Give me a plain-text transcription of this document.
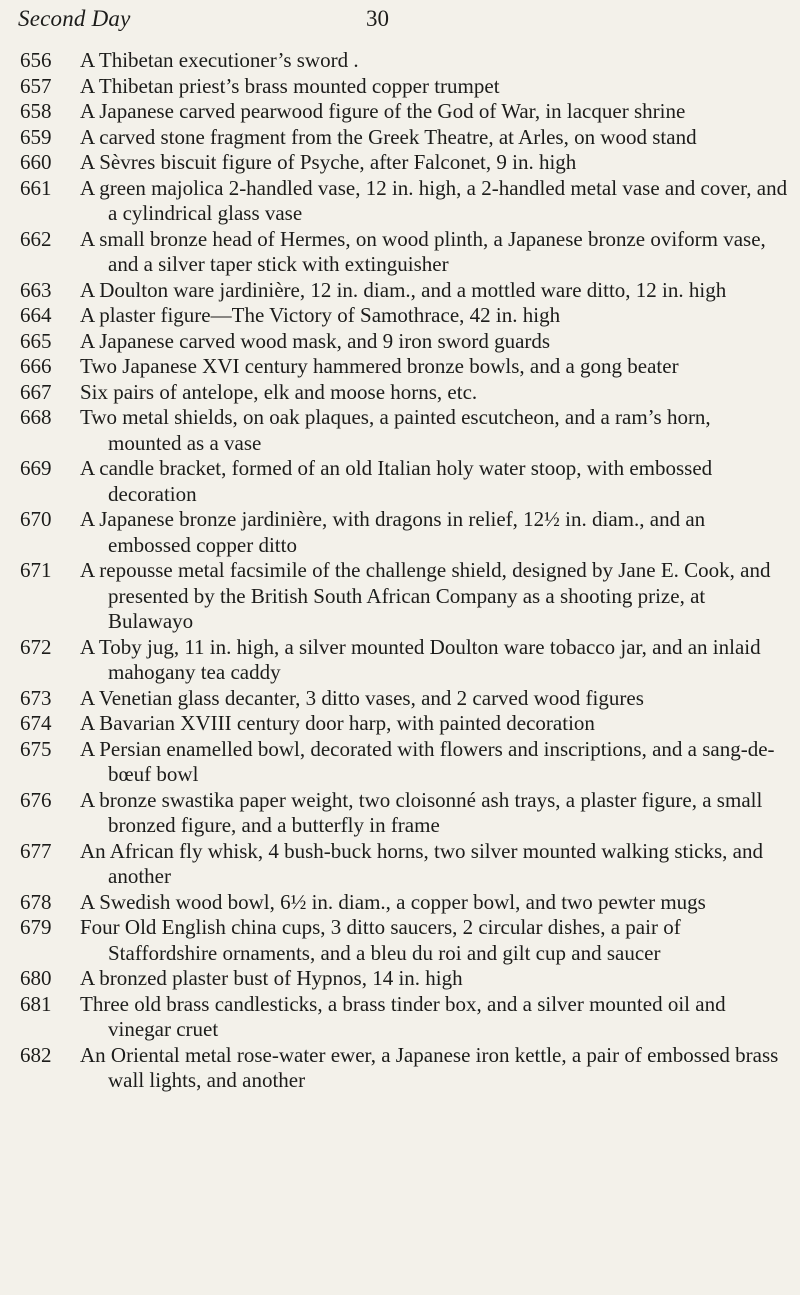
Second Day	30
656	A Thibetan executioner’s sword .
657	A Thibetan priest’s brass mounted copper trumpet
658	A Japanese carved pearwood figure of the God of War, in lacquer shrine
659	A carved stone fragment from the Greek Theatre, at Arles, on wood stand
660	A Sèvres biscuit figure of Psyche, after Falconet, 9 in. high
661	A green majolica 2-handled vase, 12 in. high, a 2-handled metal vase and cover, and a cylindrical glass vase
662	A small bronze head of Hermes, on wood plinth, a Japanese bronze oviform vase, and a silver taper stick with extinguisher
663	A Doulton ware jardinière, 12 in. diam., and a mottled ware ditto, 12 in. high
664	A plaster figure—The Victory of Samothrace, 42 in. high
665	A Japanese carved wood mask, and 9 iron sword guards
666	Two Japanese XVI century hammered bronze bowls, and a gong beater
667	Six pairs of antelope, elk and moose horns, etc.
668	Two metal shields, on oak plaques, a painted escutcheon, and a ram’s horn, mounted as a vase
669	A candle bracket, formed of an old Italian holy water stoop, with embossed decoration
670	A Japanese bronze jardinière, with dragons in relief, 12½ in. diam., and an embossed copper ditto
671	A repousse metal facsimile of the challenge shield, designed by Jane E. Cook, and presented by the British South African Company as a shooting prize, at Bulawayo
672	A Toby jug, 11 in. high, a silver mounted Doulton ware tobacco jar, and an inlaid mahogany tea caddy
673	A Venetian glass decanter, 3 ditto vases, and 2 carved wood figures
674	A Bavarian XVIII century door harp, with painted decoration
675	A Persian enamelled bowl, decorated with flowers and inscriptions, and a sang-de-bœuf bowl
676	A bronze swastika paper weight, two cloisonné ash trays, a plaster figure, a small bronzed figure, and a butterfly in frame
677	An African fly whisk, 4 bush-buck horns, two silver mounted walking sticks, and another
678	A Swedish wood bowl, 6½ in. diam., a copper bowl, and two pewter mugs
679	Four Old English china cups, 3 ditto saucers, 2 circular dishes, a pair of Staffordshire ornaments, and a bleu du roi and gilt cup and saucer
680	A bronzed plaster bust of Hypnos, 14 in. high
681	Three old brass candlesticks, a brass tinder box, and a silver mounted oil and vinegar cruet
682	An Oriental metal rose-water ewer, a Japanese iron kettle, a pair of embossed brass wall lights, and another
